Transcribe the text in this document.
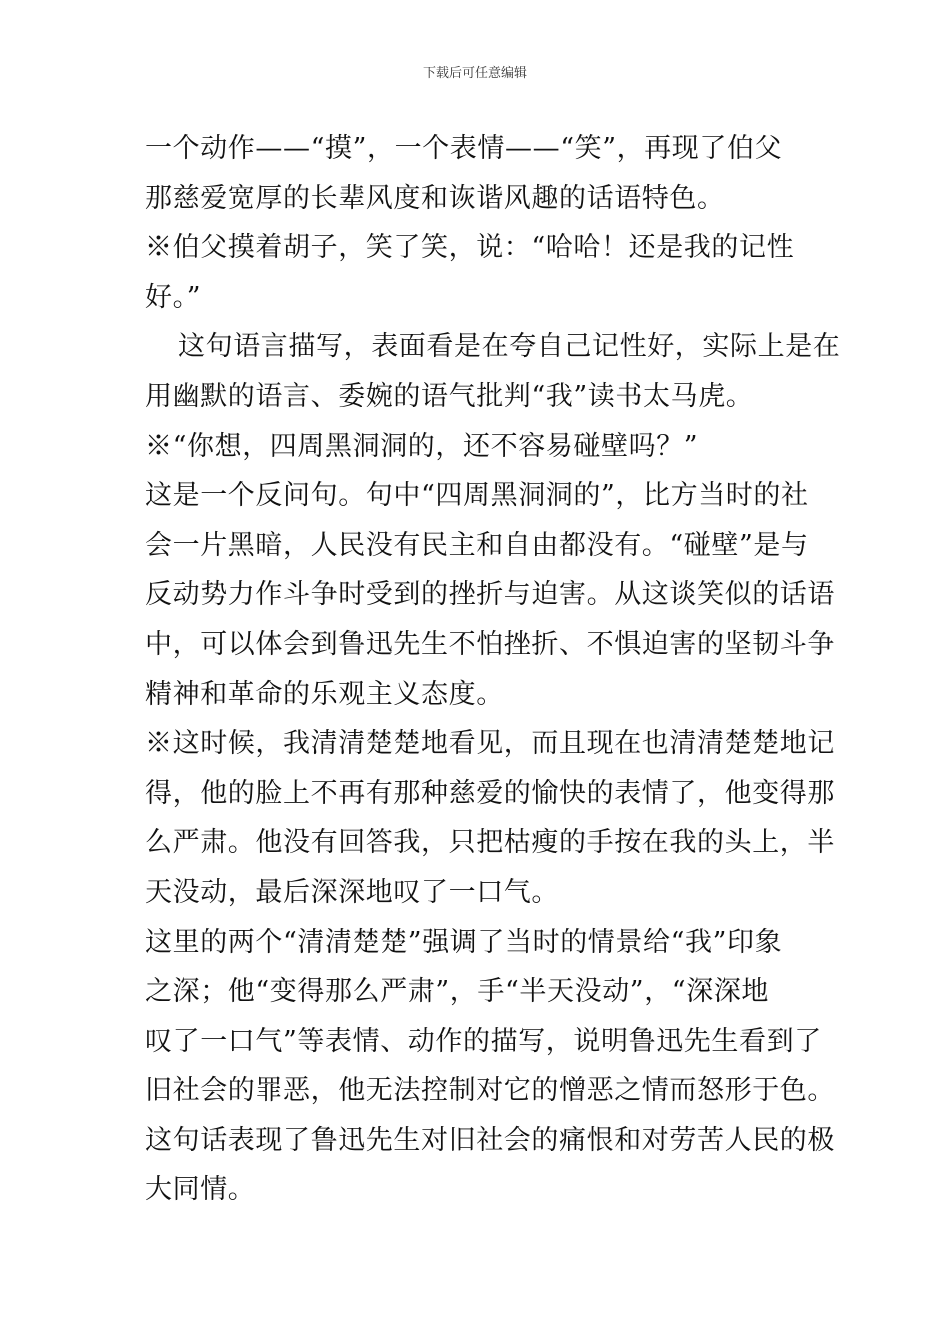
下载后可任意编辑
一个动作——“摸”，一个表情——“笑”，再现了伯父
那慈爱宽厚的长辈风度和诙谐风趣的话语特色。
※伯父摸着胡子，笑了笑，说：“哈哈！还是我的记性
好。”
这句语言描写，表面看是在夸自己记性好，实际上是在
用幽默的语言、委婉的语气批判“我”读书太马虎。
※“你想，四周黑洞洞的，还不容易碰壁吗？”
这是一个反问句。句中“四周黑洞洞的”，比方当时的社
会一片黑暗，人民没有民主和自由都没有。“碰壁”是与
反动势力作斗争时受到的挫折与迫害。从这谈笑似的话语
中，可以体会到鲁迅先生不怕挫折、不惧迫害的坚韧斗争
精神和革命的乐观主义态度。
※这时候，我清清楚楚地看见，而且现在也清清楚楚地记
得，他的脸上不再有那种慈爱的愉快的表情了，他变得那
么严肃。他没有回答我，只把枯瘦的手按在我的头上，半
天没动，最后深深地叹了一口气。
这里的两个“清清楚楚”强调了当时的情景给“我”印象
之深；他“变得那么严肃”，手“半天没动”，“深深地
叹了一口气”等表情、动作的描写，说明鲁迅先生看到了
旧社会的罪恶，他无法控制对它的憎恶之情而怒形于色。
这句话表现了鲁迅先生对旧社会的痛恨和对劳苦人民的极
大同情。
